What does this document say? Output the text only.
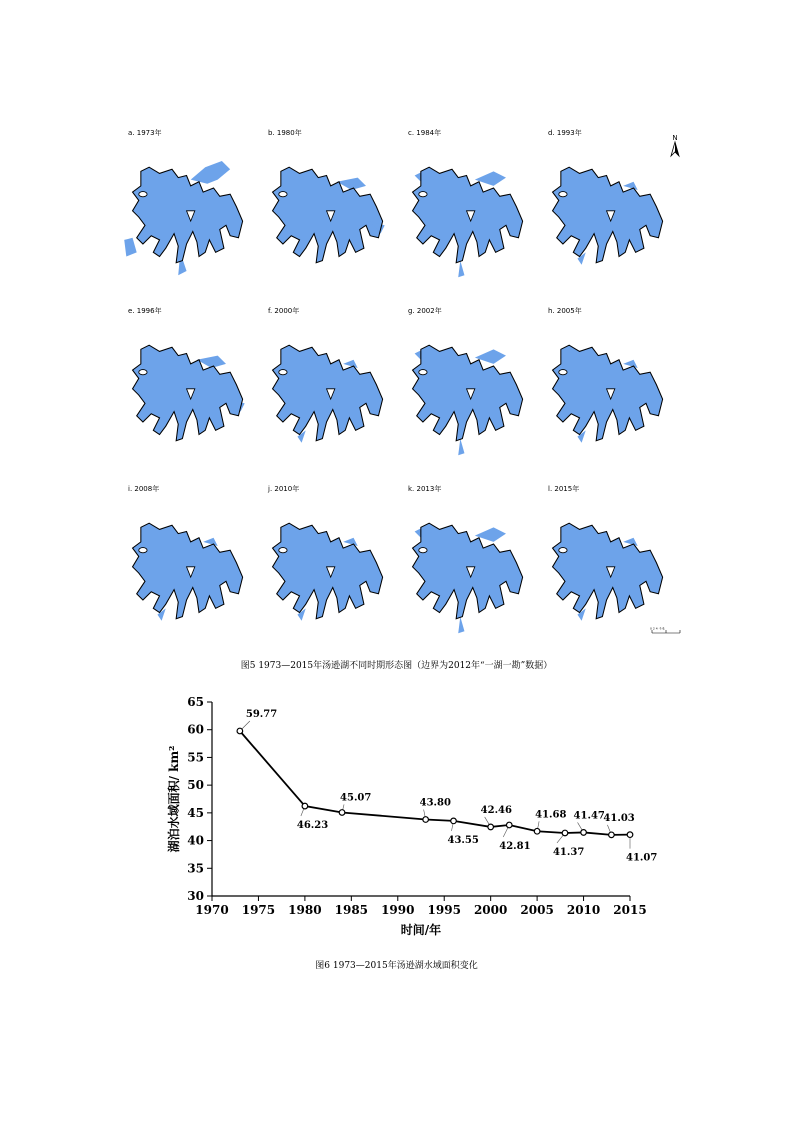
a. 1973年	b. 1980年	c. 1984年	d. 1993年
e. 1996年	f. 2000年	g. 2002年	h. 2005年
i. 2008年	j. 2010年	k. 2013年	l. 2015年
N
0 2 4 千米
图5 1973—2015年汤逊湖不同时期形态图（边界为2012年“一湖一勘”数据）
30
35
40
45
50
55
60
65
1970 1975 1980 1985 1990 1995 2000 2005 2010 2015
时间/年
湖泊水域面积/ km²
59.77
46.23
45.07	43.80
43.55
42.46
42.81
41.68
41.37
41.47
41.03
41.07
图6 1973—2015年汤逊湖水域面积变化
